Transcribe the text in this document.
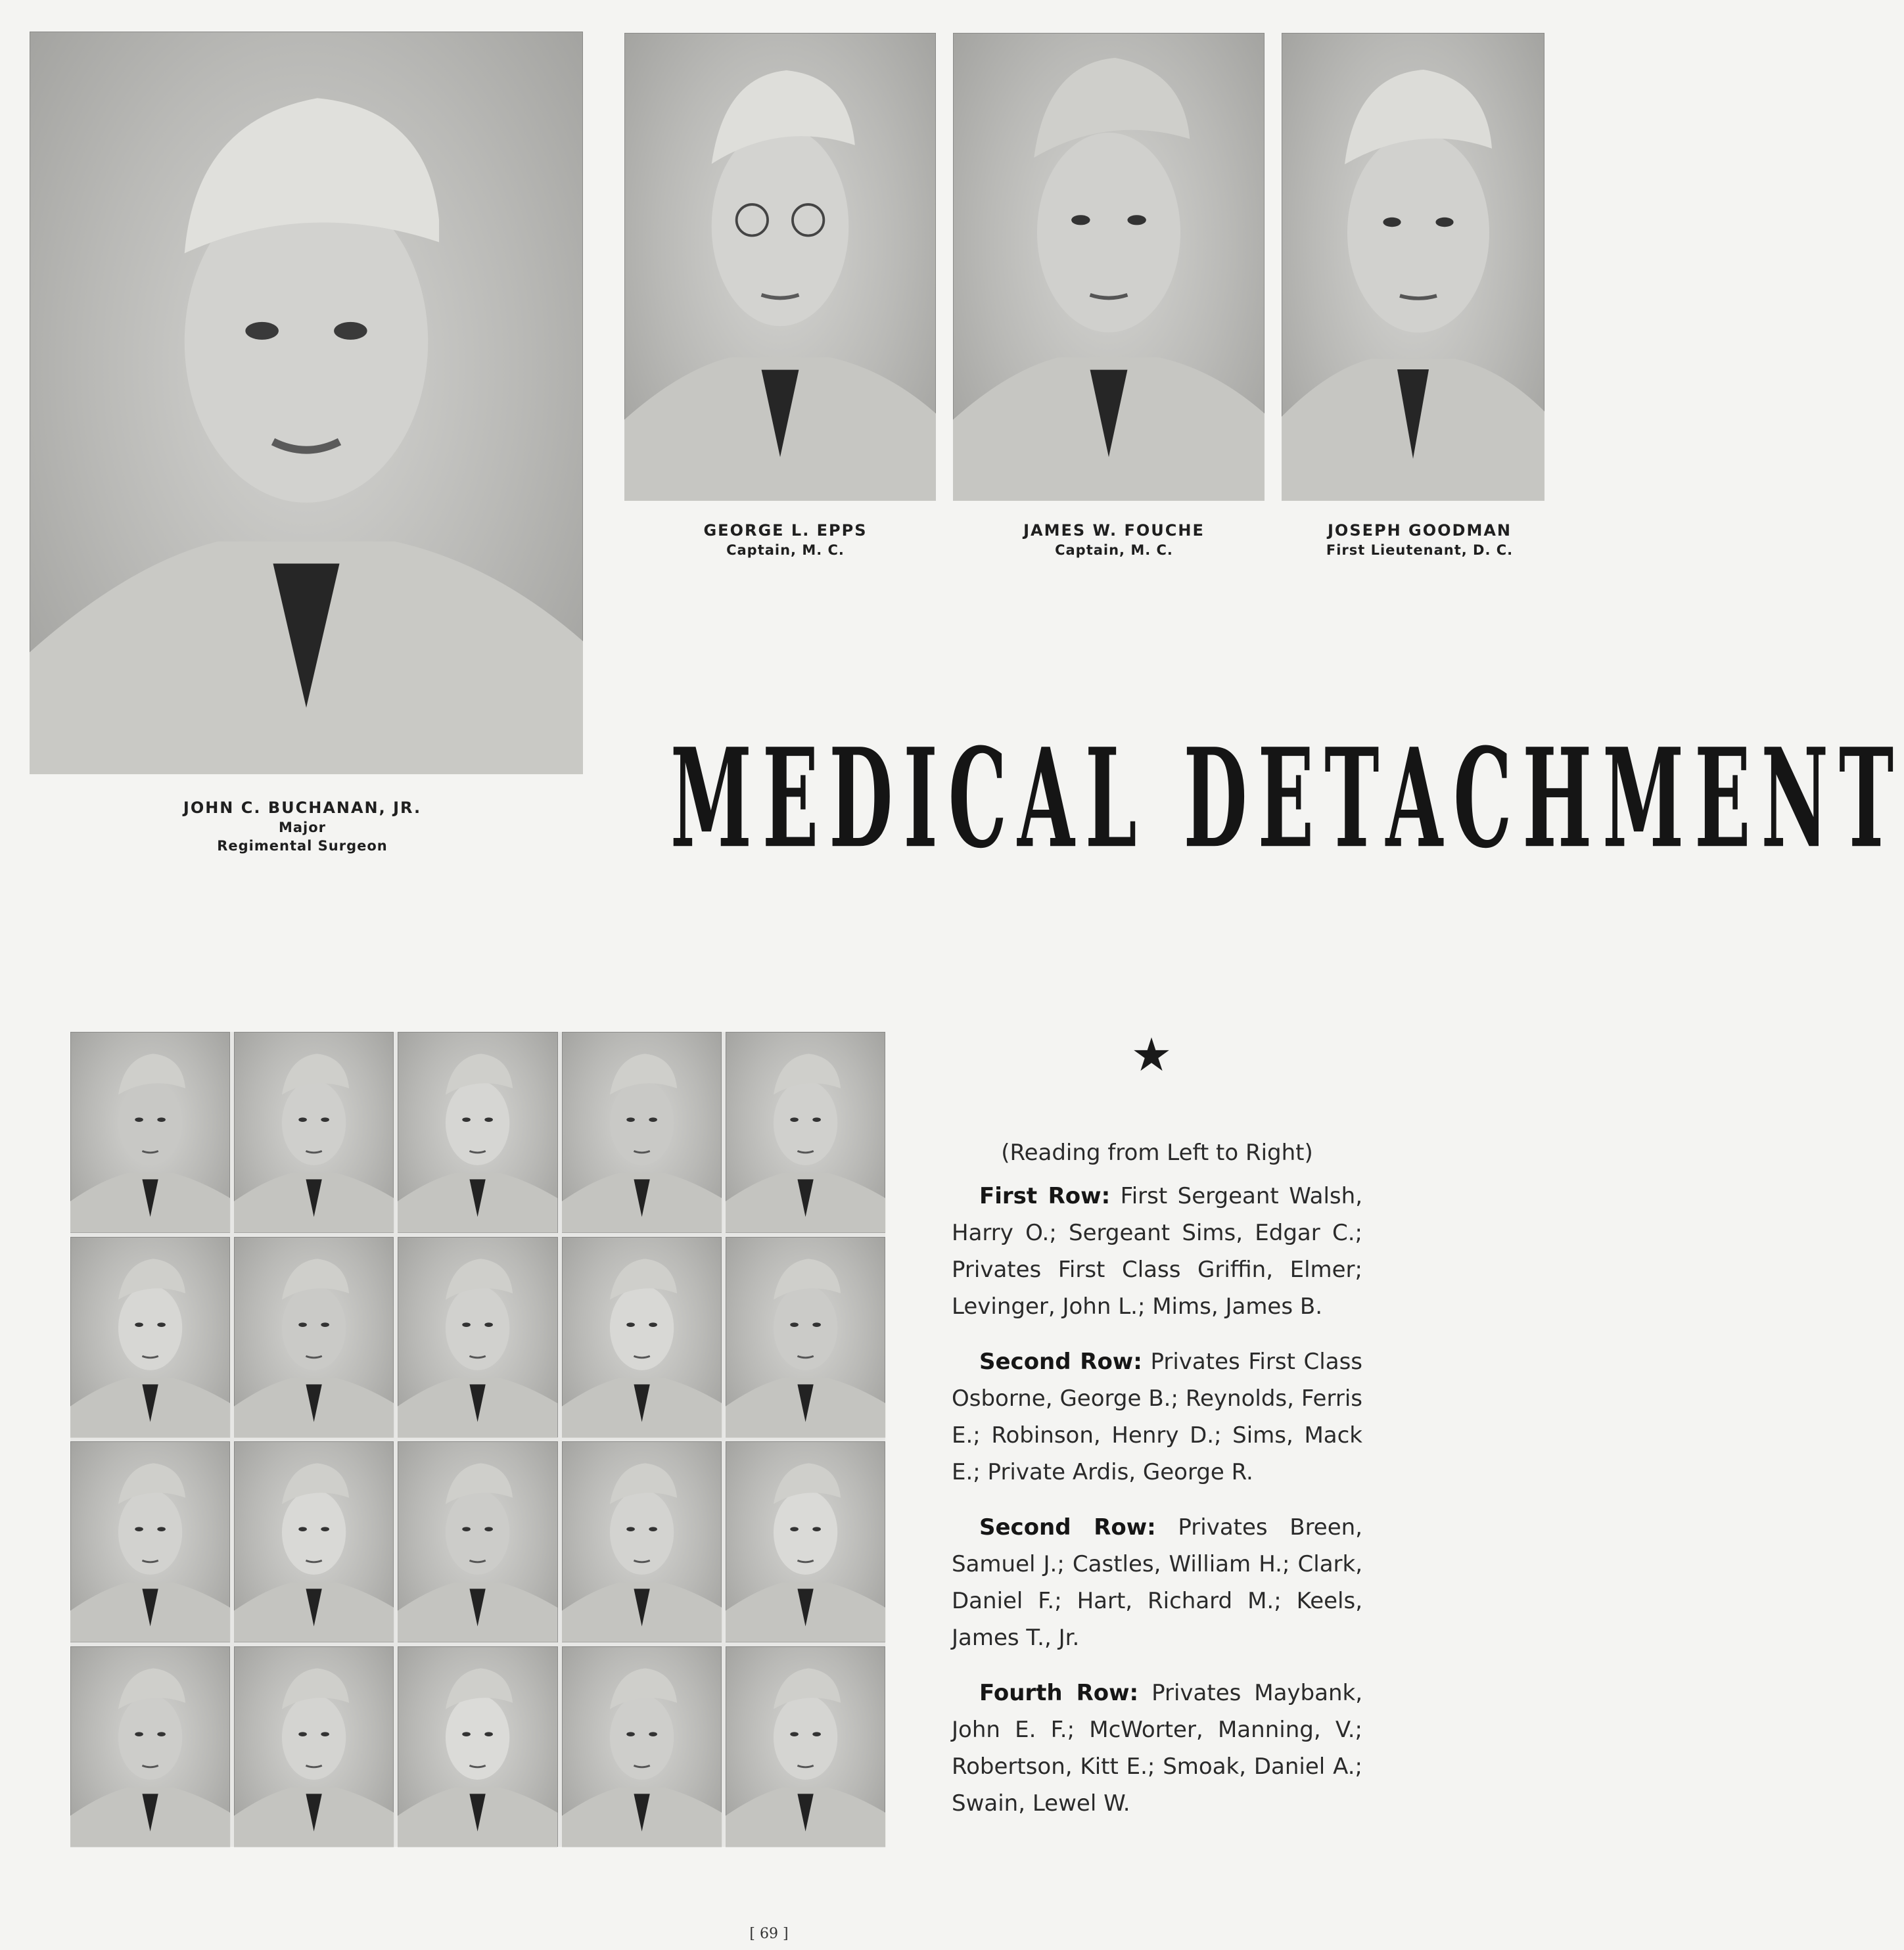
JOHN C. BUCHANAN, JR.
Major
Regimental Surgeon
GEORGE L. EPPS
Captain, M. C.
JAMES W. FOUCHE
Captain, M. C.
JOSEPH GOODMAN
First Lieutenant, D. C.
MEDICAL DETACHMENT
★
(Reading from Left to Right)

First Row: First Sergeant Walsh, Harry O.; Sergeant Sims, Edgar C.; Privates First Class Griffin, Elmer; Levinger, John L.; Mims, James B.

Second Row: Privates First Class Osborne, George B.; Reynolds, Ferris E.; Robinson, Henry D.; Sims, Mack E.; Private Ardis, George R.

Second Row: Privates Breen, Samuel J.; Castles, William H.; Clark, Daniel F.; Hart, Richard M.; Keels, James T., Jr.

Fourth Row: Privates Maybank, John E. F.; McWorter, Manning, V.; Robertson, Kitt E.; Smoak, Daniel A.; Swain, Lewel W.

[ 69 ]
